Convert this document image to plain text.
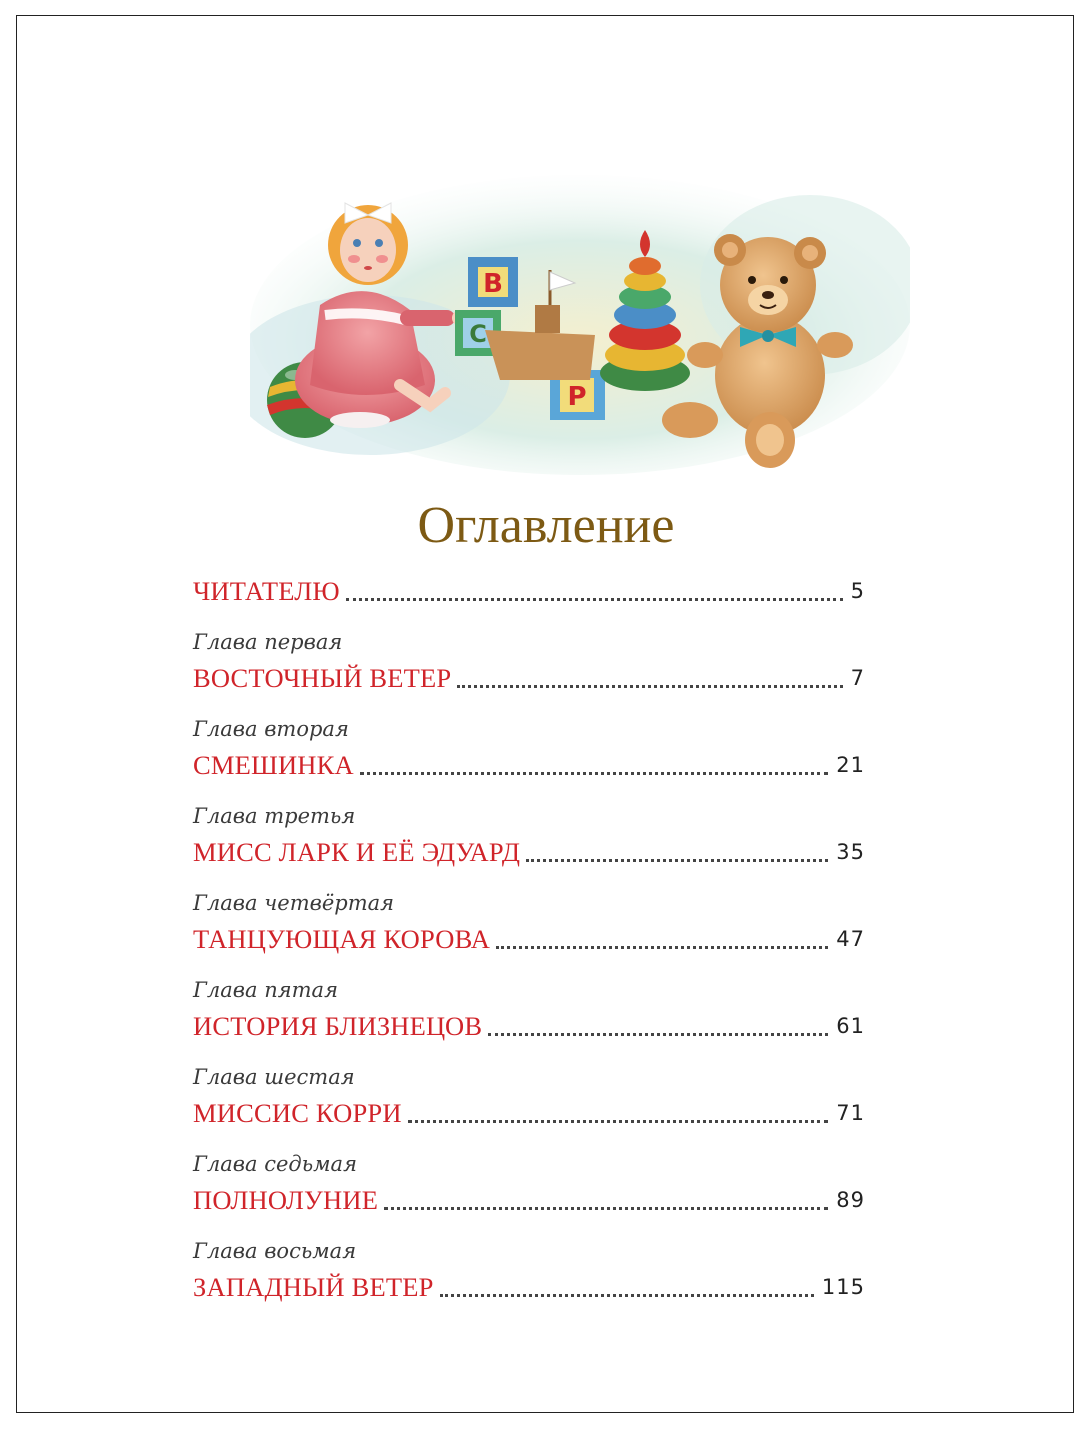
B
C
P
Оглавление
ЧИТАТЕЛЮ	5
Глава первая
ВОСТОЧНЫЙ ВЕТЕР	7
Глава вторая
СМЕШИНКА	21
Глава третья
МИСС ЛАРК И ЕЁ ЭДУАРД	35
Глава четвёртая
ТАНЦУЮЩАЯ КОРОВА	47
Глава пятая
ИСТОРИЯ БЛИЗНЕЦОВ	61
Глава шестая
МИССИС КОРРИ	71
Глава седьмая
ПОЛНОЛУНИЕ	89
Глава восьмая
ЗАПАДНЫЙ ВЕТЕР	115
